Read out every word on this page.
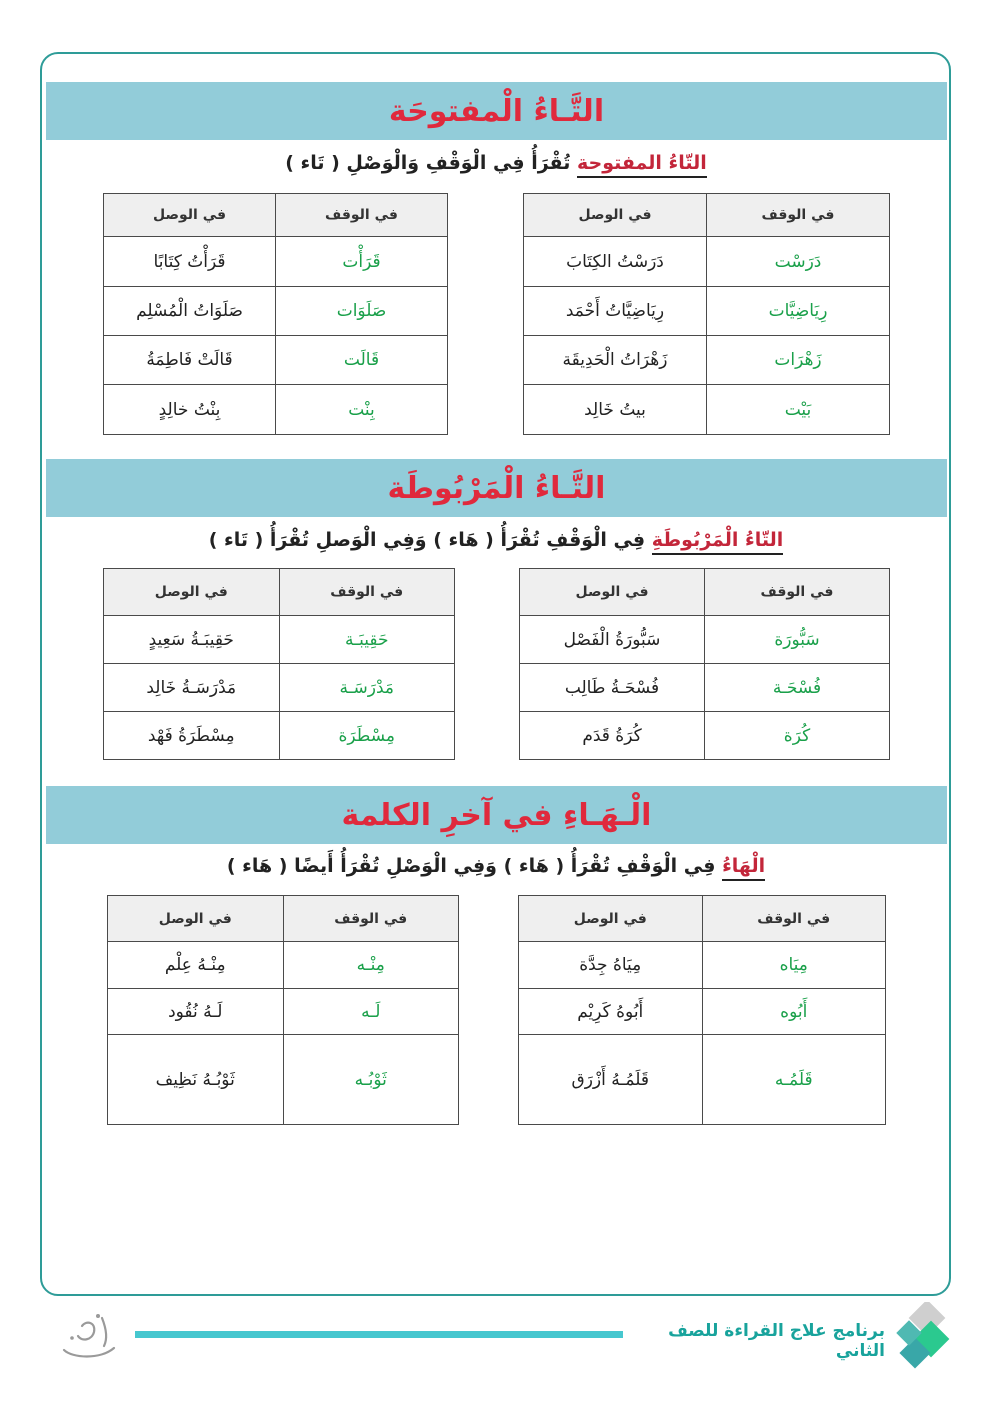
التَّـاءُ الْمفتوحَة
التّاءُ المفتوحة تُقْرَأُ فِي الْوَقْفِ وَالْوَصْلِ ( تَاء )
في الوقف	في الوصل
دَرَسْت	دَرَسْتُ الكِتَابَ
رِيَاضِيَّات	رِيَاضِيَّاتُ أَحْمَد
زَهْرَات	زَهْرَاتُ الْحَدِيقَة
بَيْت	بيتُ خَالِد
في الوقف	في الوصل
قَرَأْت	قَرَأْتُ كِتَابًا
صَلَوَات	صَلَوَاتُ الْمُسْلِم
قَالَت	قَالَتْ فَاطِمَةُ
بِنْت	بِنْتُ خالِدٍ
التَّـاءُ الْمَرْبُوطَة
التّاءُ الْمَرْبُوطَةِ فِي الْوَقْفِ تُقْرَأُ ( هَاء ) وَفِي الْوَصلِ تُقْرَأُ ( تَاء )
في الوقف	في الوصل
سَبُّورَة	سَبُّورَةُ الْفَصْل
فُسْحَـة	فُسْحَـةُ طَالِب
كُرَة	كُرَةُ قَدَم
في الوقف	في الوصل
حَقِيبَـة	حَقِيبَـةُ سَعِيدٍ
مَدْرَسَـة	مَدْرَسَـةُ خَالِد
مِسْطَرَة	مِسْطَرَةُ فَهْد
الْـهَـاءِ في آخرِ الكلمة
الْهَاءُ فِي الْوَقْفِ تُقْرَأُ ( هَاء ) وَفِي الْوَصْلِ تُقْرَأُ أَيضًا ( هَاء )
في الوقف	في الوصل
مِيَاه	مِيَاهُ جِدَّة
أَبُوه	أَبُوهُ كَرِيْم
قَلَمُـه	قَلَمُـهُ أَزْرَق
في الوقف	في الوصل
مِنْـه	مِنْـهُ عِلْم
لَـه	لَـهُ نُقُود
ثَوْبُـه	ثَوْبُـهُ نَظِيف
برنامج علاج القراءة للصف الثاني
